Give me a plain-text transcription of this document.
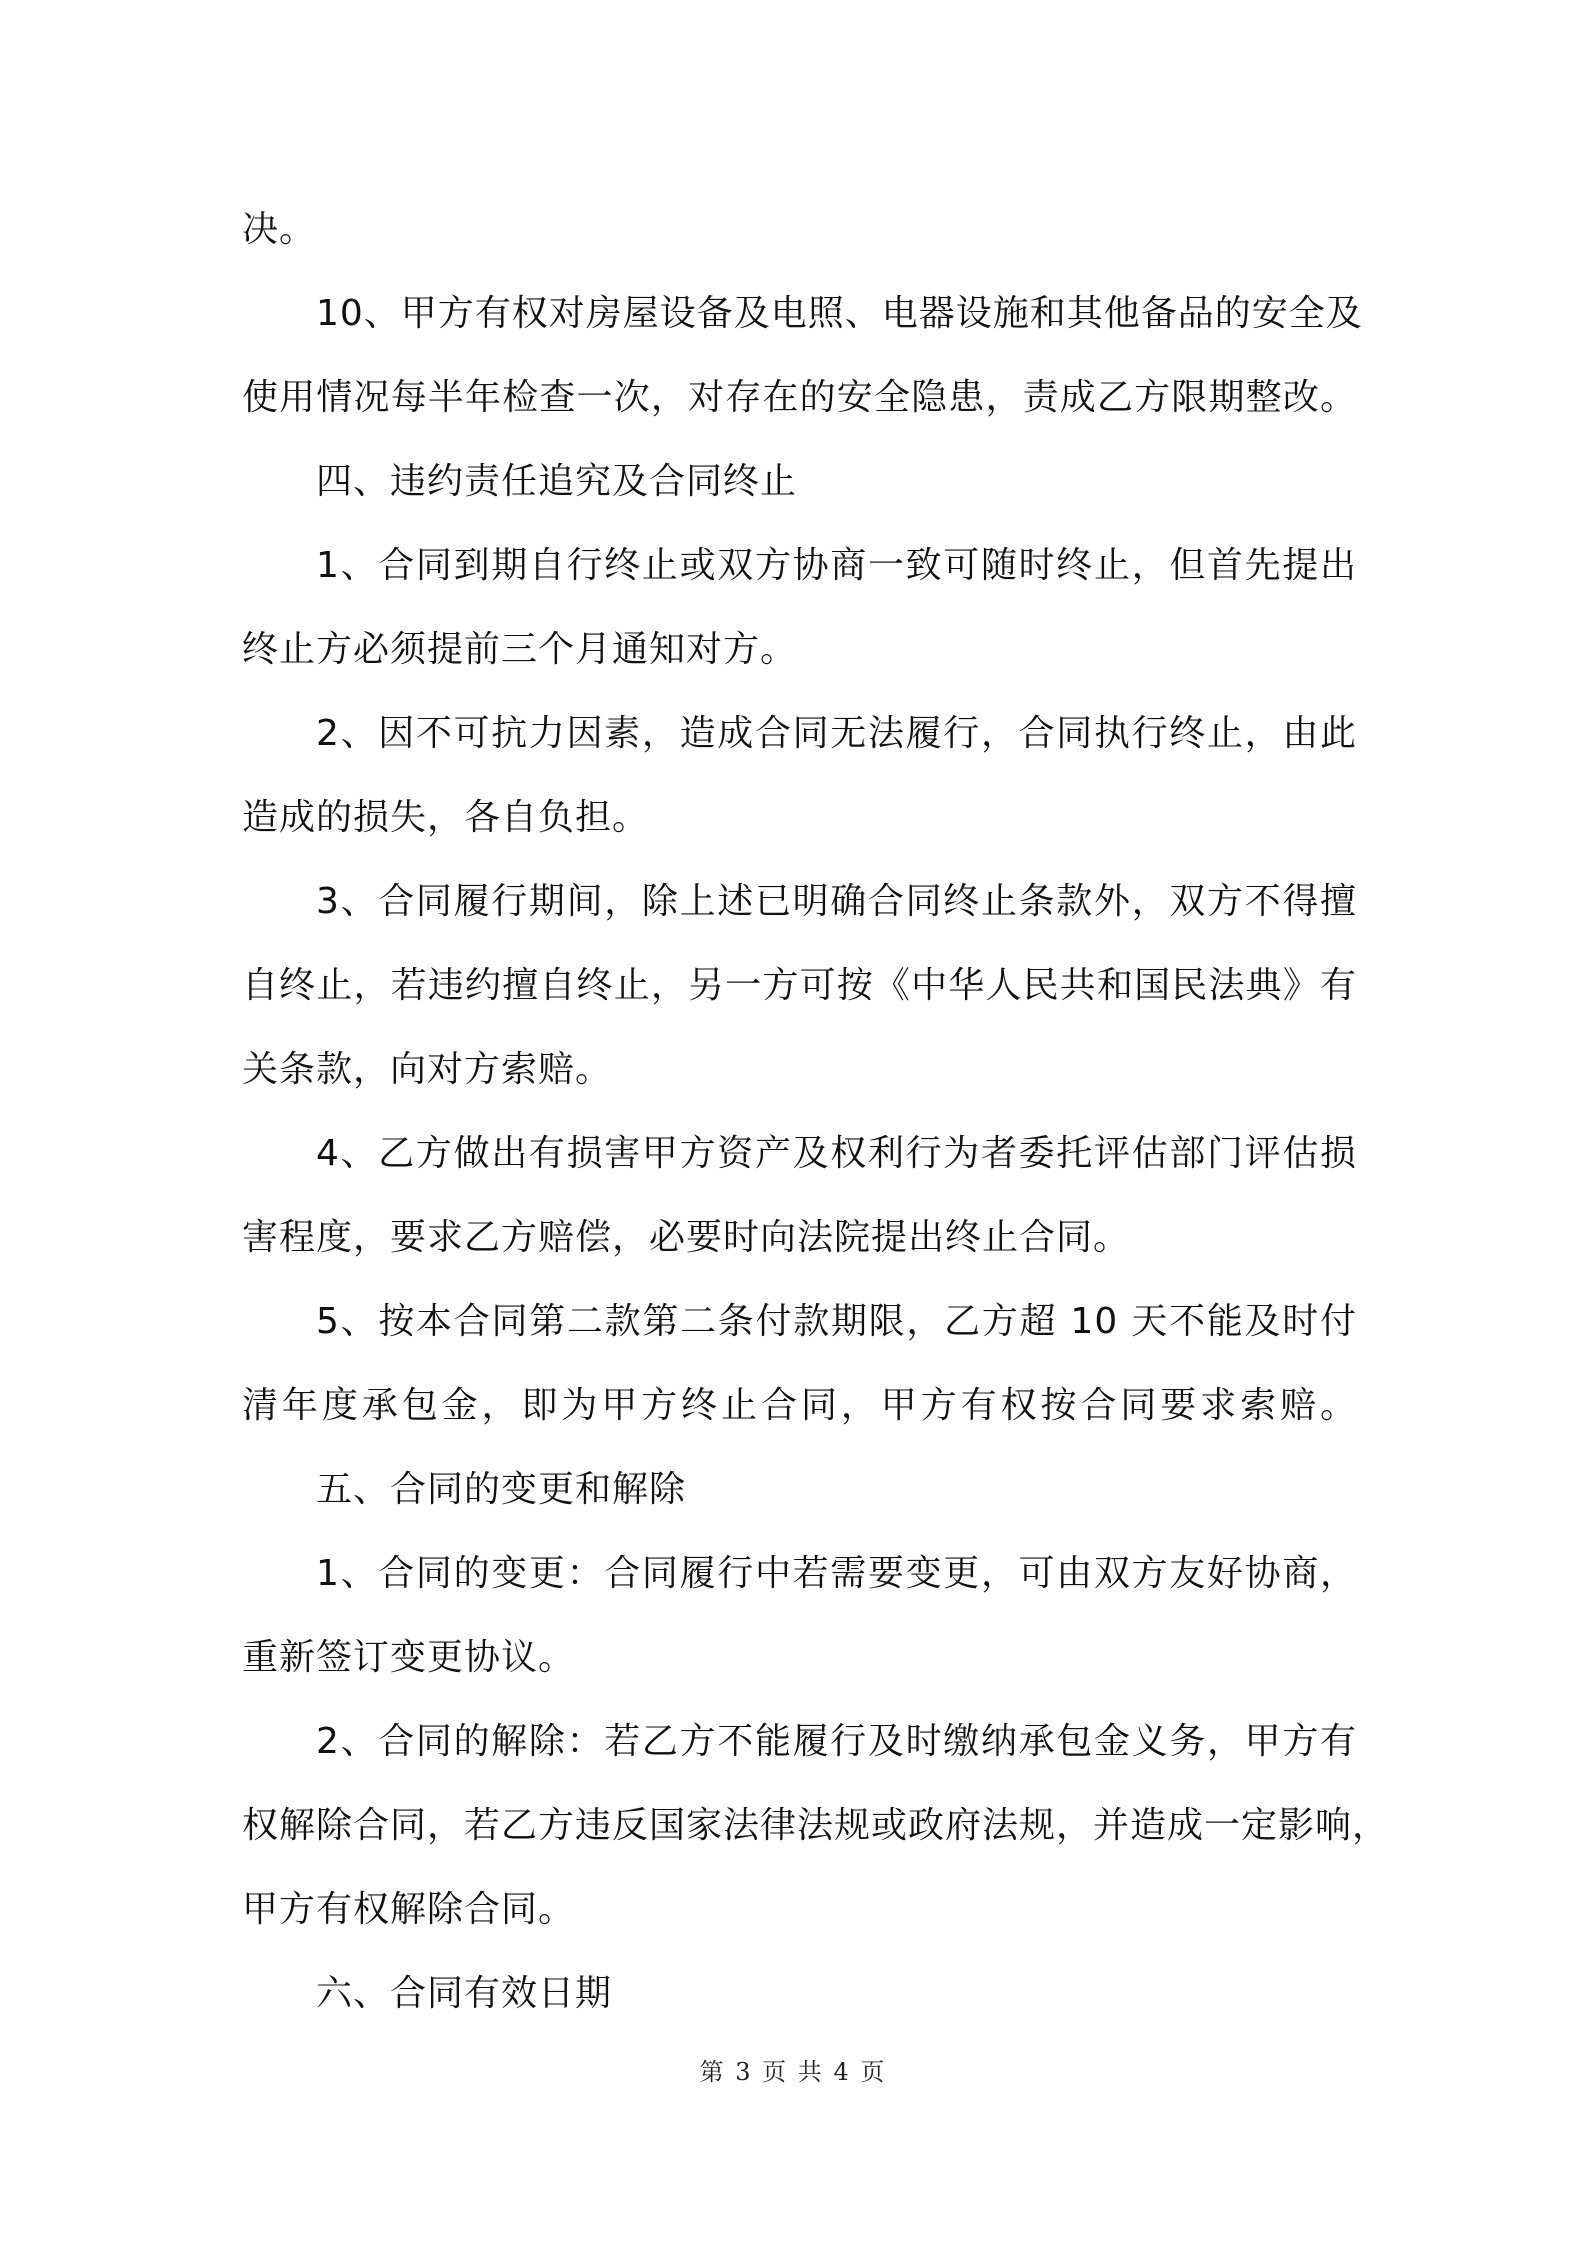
决。
10、甲方有权对房屋设备及电照、电器设施和其他备品的安全及
使用情况每半年检查一次，对存在的安全隐患，责成乙方限期整改。
四、违约责任追究及合同终止
1、合同到期自行终止或双方协商一致可随时终止，但首先提出
终止方必须提前三个月通知对方。
2、因不可抗力因素，造成合同无法履行，合同执行终止，由此
造成的损失，各自负担。
3、合同履行期间，除上述已明确合同终止条款外，双方不得擅
自终止，若违约擅自终止，另一方可按《中华人民共和国民法典》有
关条款，向对方索赔。
4、乙方做出有损害甲方资产及权利行为者委托评估部门评估损
害程度，要求乙方赔偿，必要时向法院提出终止合同。
5、按本合同第二款第二条付款期限，乙方超 10 天不能及时付
清年度承包金，即为甲方终止合同，甲方有权按合同要求索赔。
五、合同的变更和解除
1、合同的变更：合同履行中若需要变更，可由双方友好协商，
重新签订变更协议。
2、合同的解除：若乙方不能履行及时缴纳承包金义务，甲方有
权解除合同，若乙方违反国家法律法规或政府法规，并造成一定影响，
甲方有权解除合同。
六、合同有效日期
第 3 页 共 4 页
